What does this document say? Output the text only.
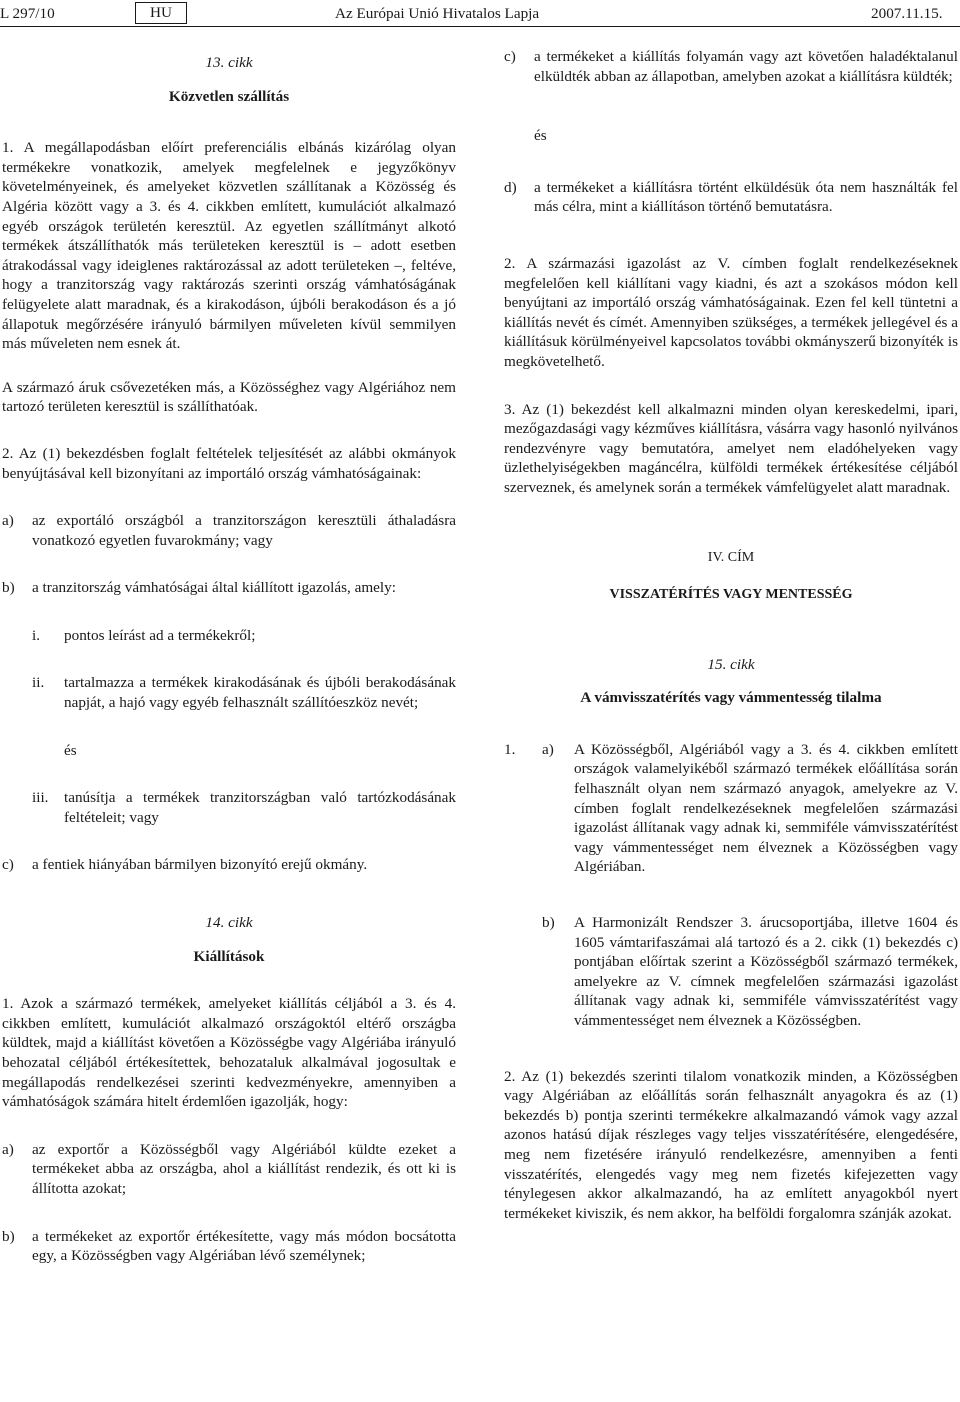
L 297/10	HU	Az Európai Unió Hivatalos Lapja	2007.11.15.

13. cikk

Közvetlen szállítás

1. A megállapodásban előírt preferenciális elbánás kizárólag olyan termékekre vonatkozik, amelyek megfelelnek e jegyzőkönyv követelményeinek, és amelyeket közvetlen szállítanak a Közösség és Algéria között vagy a 3. és 4. cikkben említett, kumulációt alkalmazó egyéb országok területén keresztül. Az egyetlen szállítmányt alkotó termékek átszállíthatók más területeken keresztül is – adott esetben átrakodással vagy ideiglenes raktározással az adott területeken –, feltéve, hogy a tranzitország vagy raktározás szerinti ország vámhatóságának felügyelete alatt maradnak, és a kirakodáson, újbóli berakodáson és a jó állapotuk megőrzésére irányuló bármilyen műveleten kívül semmilyen más műveleten nem esnek át.

A származó áruk csővezetéken más, a Közösséghez vagy Algériához nem tartozó területen keresztül is szállíthatóak.

2. Az (1) bekezdésben foglalt feltételek teljesítését az alábbi okmányok benyújtásával kell bizonyítani az importáló ország vámhatóságainak:

a) az exportáló országból a tranzitországon keresztüli áthaladásra vonatkozó egyetlen fuvarokmány; vagy
b) a tranzitország vámhatóságai által kiállított igazolás, amely:
i. pontos leírást ad a termékekről;
ii. tartalmazza a termékek kirakodásának és újbóli berakodásának napját, a hajó vagy egyéb felhasznált szállítóeszköz nevét;

és

iii. tanúsítja a termékek tranzitországban való tartózkodásának feltételeit; vagy
c) a fentiek hiányában bármilyen bizonyító erejű okmány.

14. cikk

Kiállítások

1. Azok a származó termékek, amelyeket kiállítás céljából a 3. és 4. cikkben említett, kumulációt alkalmazó országoktól eltérő országba küldtek, majd a kiállítást követően a Közösségbe vagy Algériába irányuló behozatal céljából értékesítettek, behozataluk alkalmával jogosultak e megállapodás rendelkezései szerinti kedvezményekre, amennyiben a vámhatóságok számára hitelt érdemlően igazolják, hogy:

a) az exportőr a Közösségből vagy Algériából küldte ezeket a termékeket abba az országba, ahol a kiállítást rendezik, és ott ki is állította azokat;
b) a termékeket az exportőr értékesítette, vagy más módon bocsátotta egy, a Közösségben vagy Algériában lévő személynek;
c) a termékeket a kiállítás folyamán vagy azt követően haladéktalanul elküldték abban az állapotban, amelyben azokat a kiállításra küldték;

és

d) a termékeket a kiállításra történt elküldésük óta nem használták fel más célra, mint a kiállításon történő bemutatásra.

2. A származási igazolást az V. címben foglalt rendelkezéseknek megfelelően kell kiállítani vagy kiadni, és azt a szokásos módon kell benyújtani az importáló ország vámhatóságainak. Ezen fel kell tüntetni a kiállítás nevét és címét. Amennyiben szükséges, a termékek jellegével és a kiállításuk körülményeivel kapcsolatos további okmányszerű bizonyíték is megkövetelhető.

3. Az (1) bekezdést kell alkalmazni minden olyan kereskedelmi, ipari, mezőgazdasági vagy kézműves kiállításra, vásárra vagy hasonló nyilvános rendezvényre vagy bemutatóra, amelyet nem eladóhelyeken vagy üzlethelyiségekben magáncélra, külföldi termékek értékesítése céljából szerveznek, és amelynek során a termékek vámfelügyelet alatt maradnak.

IV. CÍM

VISSZATÉRÍTÉS VAGY MENTESSÉG

15. cikk

A vámvisszatérítés vagy vámmentesség tilalma

1. a) A Közösségből, Algériából vagy a 3. és 4. cikkben említett országok valamelyikéből származó termékek előállítása során felhasznált olyan nem származó anyagok, amelyekre az V. címben foglalt rendelkezéseknek megfelelően származási igazolást állítanak vagy adnak ki, semmiféle vámvisszatérítést vagy vámmentességet nem élveznek a Közösségben vagy Algériában.
b) A Harmonizált Rendszer 3. árucsoportjába, illetve 1604 és 1605 vámtarifaszámai alá tartozó és a 2. cikk (1) bekezdés c) pontjában előírtak szerint a Közösségből származó termékek, amelyekre az V. címnek megfelelően származási igazolást állítanak vagy adnak ki, semmiféle vámvisszatérítést vagy vámmentességet nem élveznek a Közösségben.

2. Az (1) bekezdés szerinti tilalom vonatkozik minden, a Közösségben vagy Algériában az előállítás során felhasznált anyagokra és az (1) bekezdés b) pontja szerinti termékekre alkalmazandó vámok vagy azzal azonos hatású díjak részleges vagy teljes visszatérítésére, elengedésére, meg nem fizetésére irányuló rendelkezésre, amennyiben a fenti visszatérítés, elengedés vagy meg nem fizetés kifejezetten vagy ténylegesen akkor alkalmazandó, ha az említett anyagokból nyert termékeket kiviszik, és nem akkor, ha belföldi forgalomra szánják azokat.
